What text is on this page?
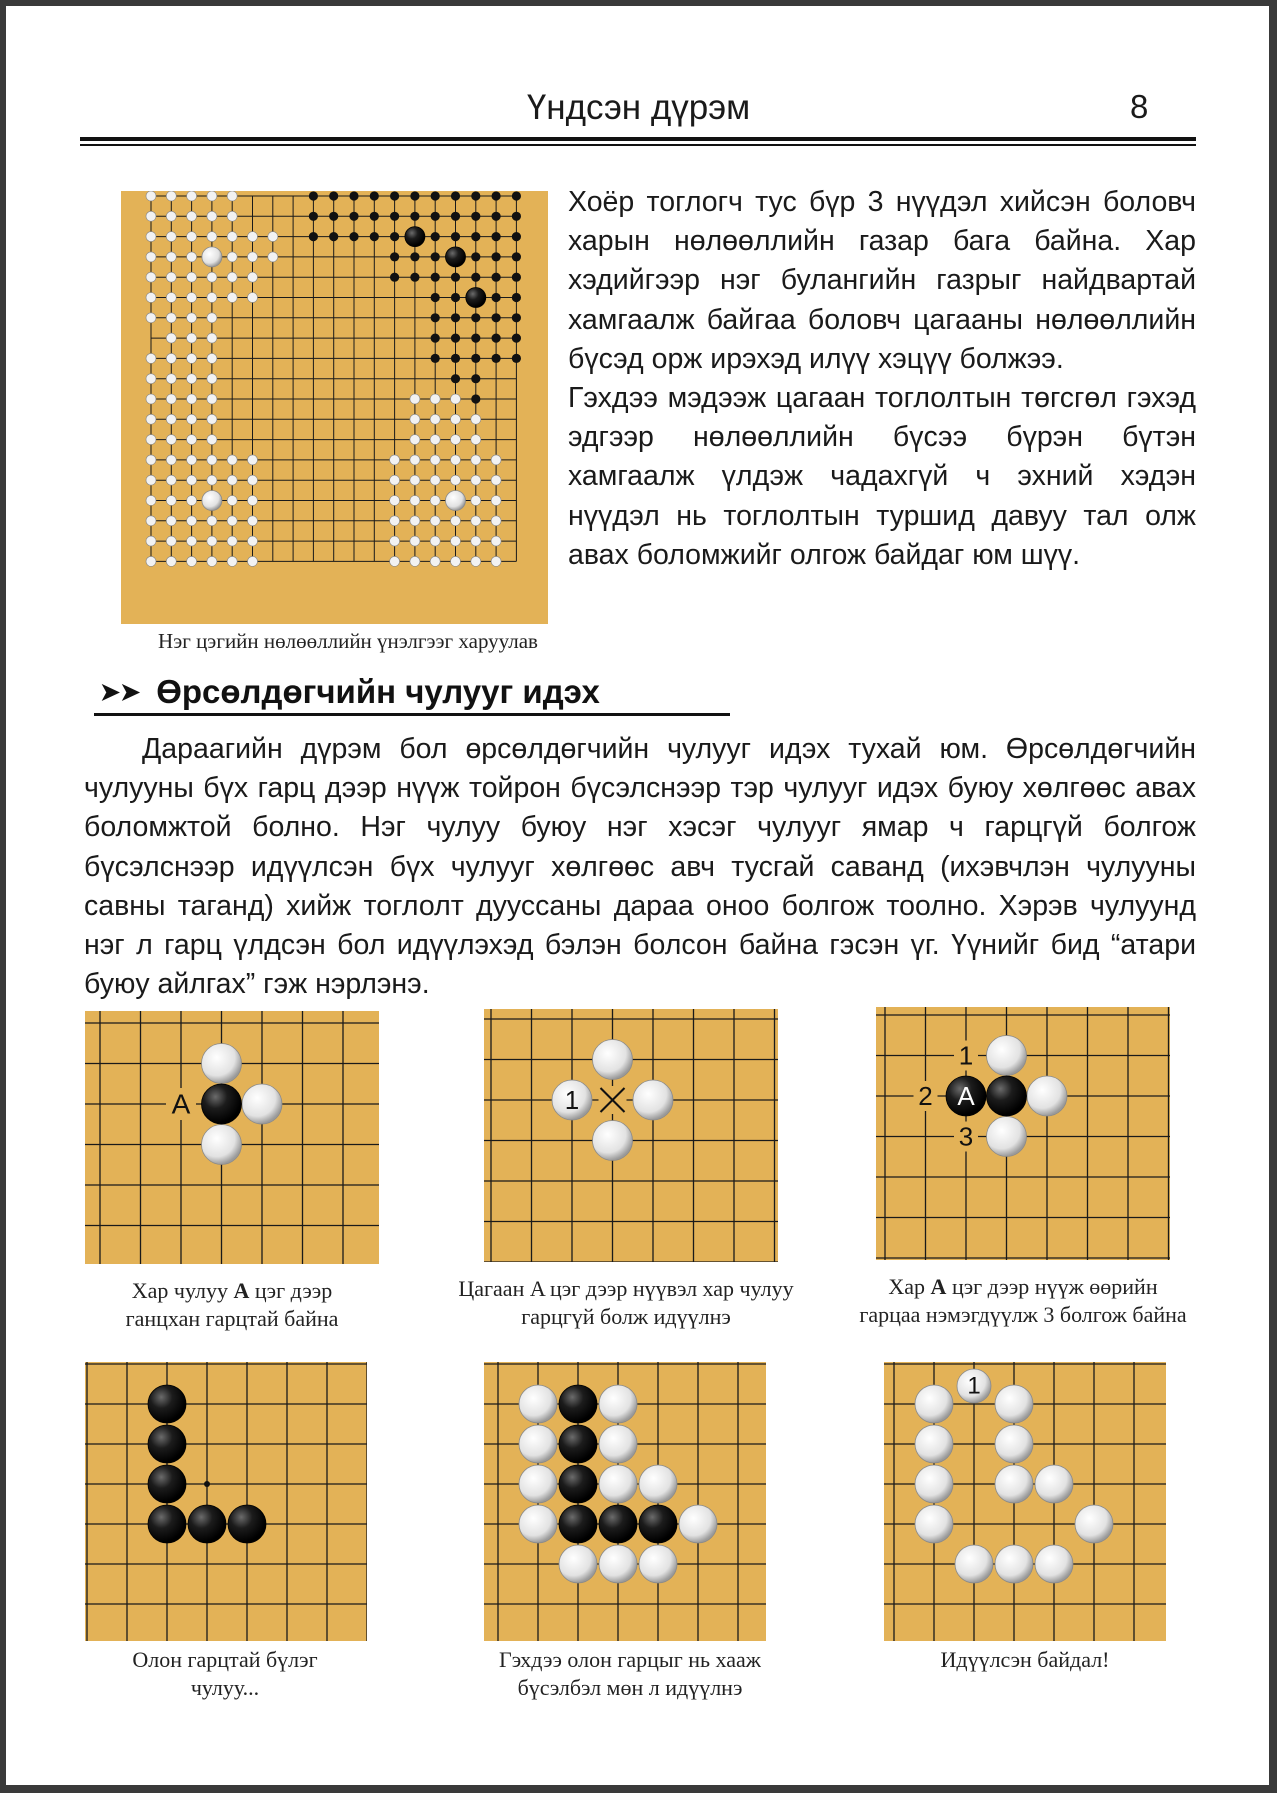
Үндсэн дүрэм	8

Хоёр тоглогч тус бүр 3 нүүдэл хийсэн боловч харын нөлөөллийн газар бага байна. Хар хэдийгээр нэг булангийн газрыг найдвартай хамгаалж байгаа боловч цагааны нөлөөллийн бүсэд орж ирэхэд илүү хэцүү болжээ.

Гэхдээ мэдээж цагаан тоглолтын төгсгөл гэхэд эдгээр нөлөөллийн бүсээ бүрэн бүтэн хамгаалж үлдэж чадахгүй ч эхний хэдэн нүүдэл нь тоглолтын туршид давуу тал олж авах боломжийг олгож байдаг юм шүү.

Нэг цэгийн нөлөөллийн үнэлгээг харуулав
➤➤ Өрсөлдөгчийн чулууг идэх

Дараагийн дүрэм бол өрсөлдөгчийн чулууг идэх тухай юм. Өрсөлдөгчийн чулууны бүх гарц дээр нүүж тойрон бүсэлснээр тэр чулууг идэх буюу хөлгөөс авах боломжтой болно. Нэг чулуу буюу нэг хэсэг чулууг ямар ч гарцгүй болгож бүсэлснээр идүүлсэн бүх чулууг хөлгөөс авч тусгай саванд (ихэвчлэн чулууны савны таганд) хийж тоглолт дууссаны дараа оноо болгож тоолно. Хэрэв чулуунд нэг л гарц үлдсэн бол идүүлэхэд бэлэн болсон байна гэсэн үг. Үүнийг бид “атари буюу айлгах” гэж нэрлэнэ.

A	1	A
1
2
3
1
Хар чулуу A цэг дээр ганцхан гарцтай байна
Цагаан A цэг дээр нүүвэл хар чулуу гарцгүй болж идүүлнэ
Хар A цэг дээр нүүж өөрийн гарцаа нэмэгдүүлж 3 болгож байна
Олон гарцтай бүлэг чулуу...
Гэхдээ олон гарцыг нь хааж бүсэлбэл мөн л идүүлнэ
Идүүлсэн байдал!
